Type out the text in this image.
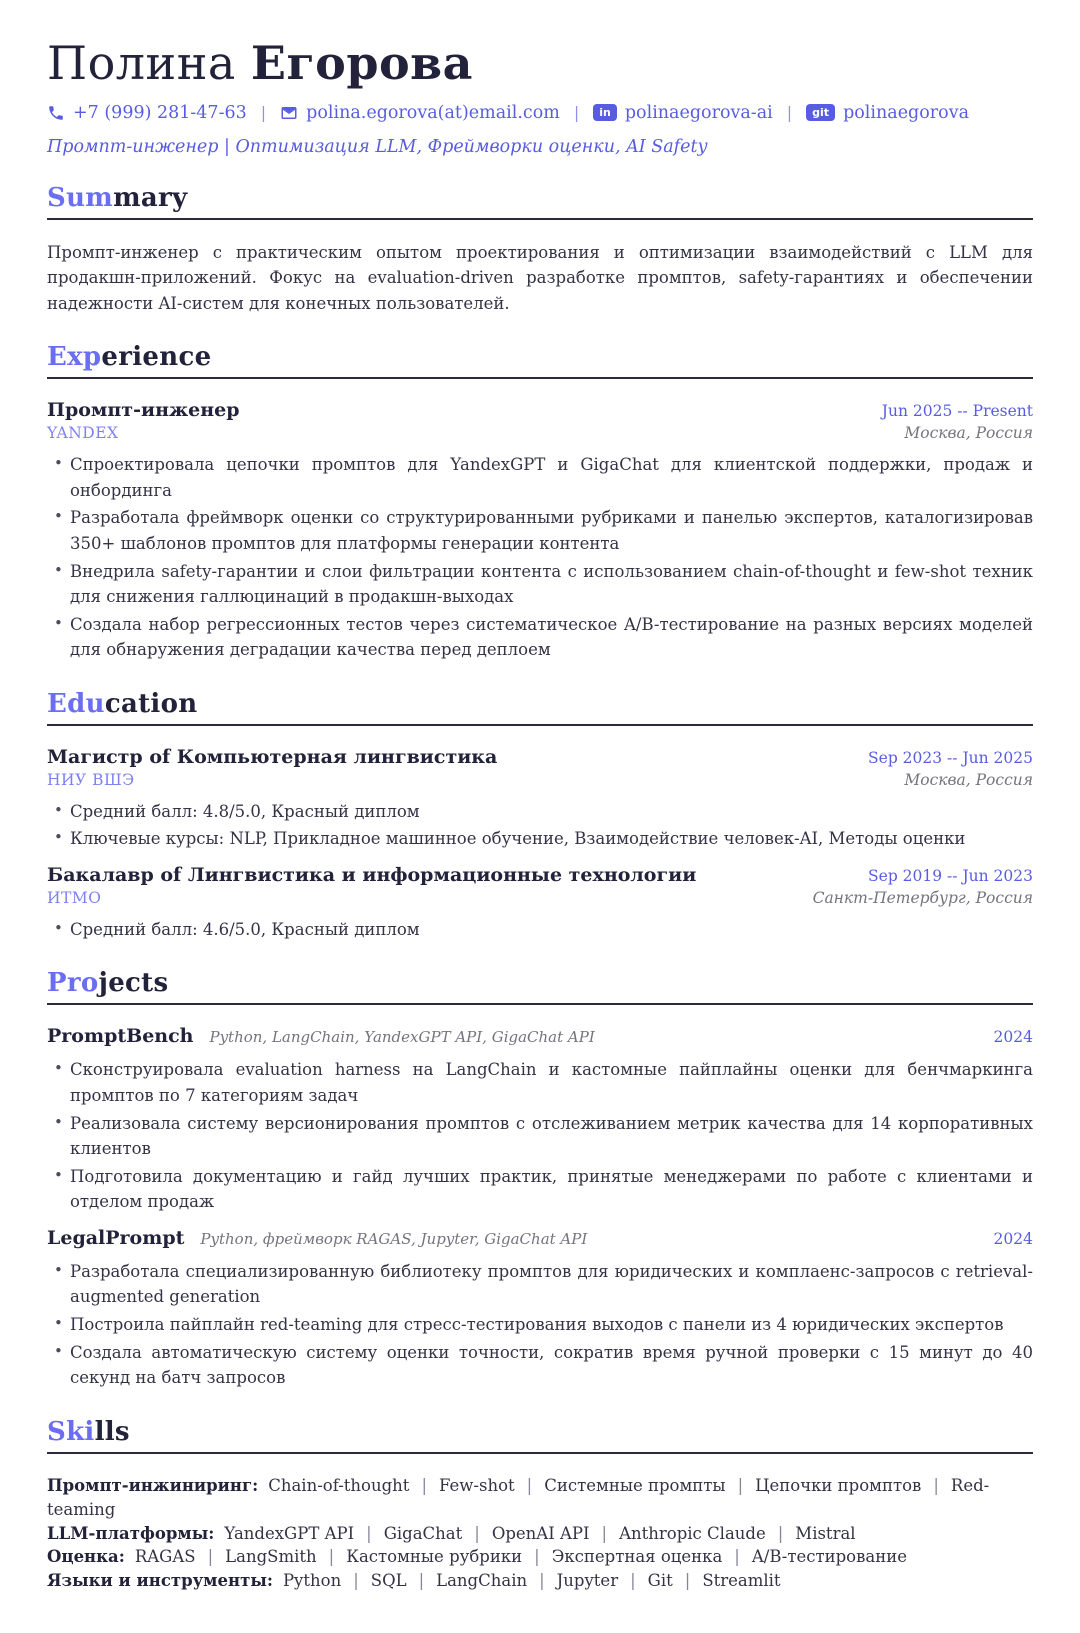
Полина Егорова
+7 (999) 281-47-63 | polina.egorova(at)email.com |	in polinaegorova-ai |	git polinaegorova
Промпт-инженер | Оптимизация LLM, Фреймворки оценки, AI Safety
Summary

Промпт-инженер с практическим опытом проектирования и оптимизации взаимодействий с LLM для продакшн-приложений. Фокус на evaluation-driven разработке промптов, safety-гарантиях и обеспечении надежности AI-систем для конечных пользователей.

Experience
Промпт-инженер	Jun 2025 -- Present
YANDEX	Москва, Россия
• Спроектировала цепочки промптов для YandexGPT и GigaChat для клиентской поддержки, продаж и онбординга
• Разработала фреймворк оценки со структурированными рубриками и панелью экспертов, каталогизировав 350+ шаблонов промптов для платформы генерации контента
• Внедрила safety-гарантии и слои фильтрации контента с использованием chain-of-thought и few-shot техник для снижения галлюцинаций в продакшн-выходах
• Создала набор регрессионных тестов через систематическое A/B-тестирование на разных версиях моделей для обнаружения деградации качества перед деплоем
Education
Магистр of Компьютерная лингвистика	Sep 2023 -- Jun 2025
НИУ ВШЭ	Москва, Россия
• Средний балл: 4.8/5.0, Красный диплом
• Ключевые курсы: NLP, Прикладное машинное обучение, Взаимодействие человек-AI, Методы оценки
Бакалавр of Лингвистика и информационные технологии	Sep 2019 -- Jun 2023
ИТМО	Санкт-Петербург, Россия
• Средний балл: 4.6/5.0, Красный диплом
Projects
PromptBench Python, LangChain, YandexGPT API, GigaChat API	2024
• Сконструировала evaluation harness на LangChain и кастомные пайплайны оценки для бенчмаркинга промптов по 7 категориям задач
• Реализовала систему версионирования промптов с отслеживанием метрик качества для 14 корпоративных клиентов
• Подготовила документацию и гайд лучших практик, принятые менеджерами по работе с клиентами и отделом продаж
LegalPrompt Python, фреймворк RAGAS, Jupyter, GigaChat API	2024
• Разработала специализированную библиотеку промптов для юридических и комплаенс-запросов с retrieval-augmented generation
• Построила пайплайн red-teaming для стресс-тестирования выходов с панели из 4 юридических экспертов
• Создала автоматическую систему оценки точности, сократив время ручной проверки с 15 минут до 40 секунд на батч запросов
Skills
Промпт-инжиниринг: Chain-of-thought | Few-shot | Системные промпты | Цепочки промптов | Red-teaming
LLM-платформы: YandexGPT API | GigaChat | OpenAI API | Anthropic Claude | Mistral
Оценка: RAGAS | LangSmith | Кастомные рубрики | Экспертная оценка | A/B-тестирование
Языки и инструменты: Python | SQL | LangChain | Jupyter | Git | Streamlit
